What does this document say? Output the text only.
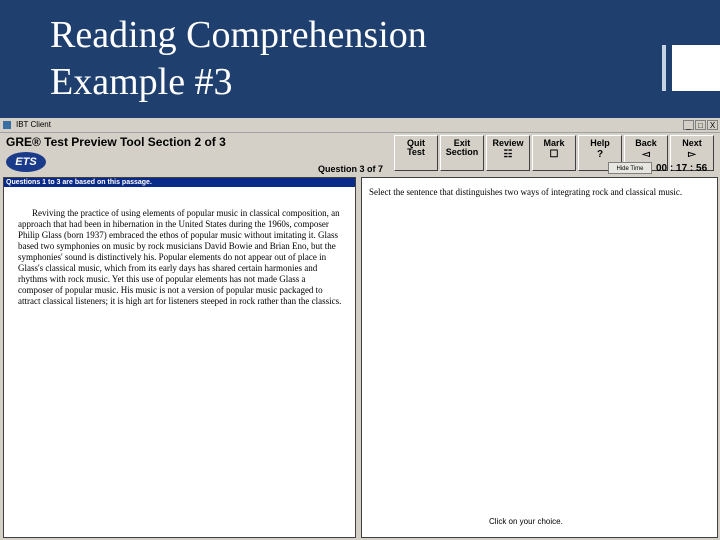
Reading Comprehension
Example #3
IBT Client	_ □ X
GRE® Test Preview Tool Section 2 of 3
ETS
Quit
Test
Exit
Section
Review
☷
Mark
☐
Help
?
Back
◅
Next
▻
Question 3 of 7	Hide Time	00 : 17 : 56
Questions 1 to 3 are based on this passage.
Reviving the practice of using elements of popular music in classical composition, an approach that had been in hibernation in the United States during the 1960s, composer Philip Glass (born 1937) embraced the ethos of popular music without imitating it. Glass based two symphonies on music by rock musicians David Bowie and Brian Eno, but the symphonies' sound is distinctively his. Popular elements do not appear out of place in Glass's classical music, which from its early days has shared certain harmonies and rhythms with rock music. Yet this use of popular elements has not made Glass a composer of popular music. His music is not a version of popular music packaged to attract classical listeners; it is high art for listeners steeped in rock rather than the classics.
Select the sentence that distinguishes two ways of integrating rock and classical music.
Click on your choice.
